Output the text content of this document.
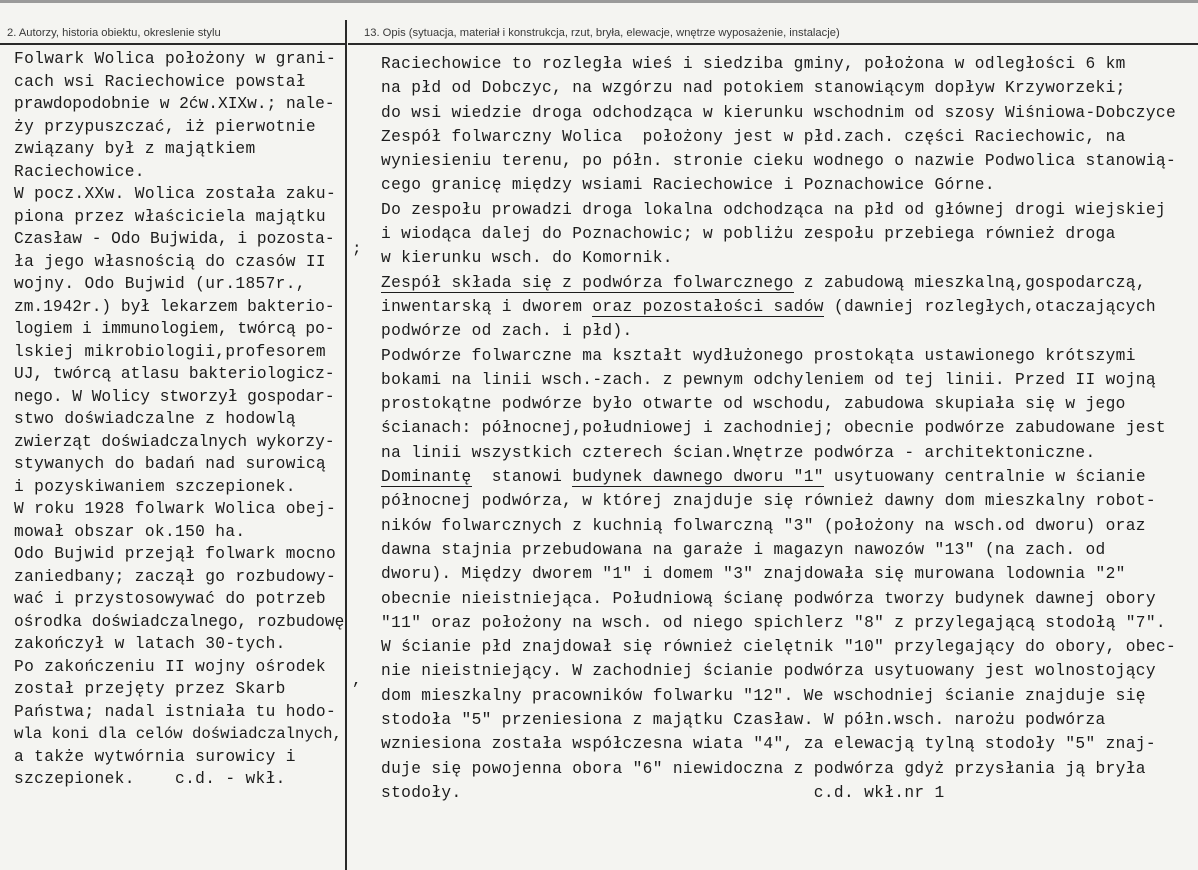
2. Autorzy, historia obiektu, okreslenie stylu	13. Opis (sytuacja, materiał i konstrukcja, rzut, bryła, elewacje, wnętrze wyposażenie, instalacje)
;
,
Folwark Wolica położony w grani-
cach wsi Raciechowice powstał
prawdopodobnie w 2ćw.XIXw.; nale-
ży przypuszczać, iż pierwotnie
związany był z majątkiem
Raciechowice.
W pocz.XXw. Wolica została zaku-
piona przez właściciela majątku
Czasław - Odo Bujwida, i pozosta-
ła jego własnością do czasów II
wojny. Odo Bujwid (ur.1857r.,
zm.1942r.) był lekarzem bakterio-
logiem i immunologiem, twórcą po-
lskiej mikrobiologii,profesorem
UJ, twórcą atlasu bakteriologicz-
nego. W Wolicy stworzył gospodar-
stwo doświadczalne z hodowlą
zwierząt doświadczalnych wykorzy-
stywanych do badań nad surowicą
i pozyskiwaniem szczepionek.
W roku 1928 folwark Wolica obej-
mował obszar ok.150 ha.
Odo Bujwid przejął folwark mocno
zaniedbany; zaczął go rozbudowy-
wać i przystosowywać do potrzeb
ośrodka doświadczalnego, rozbudowę
zakończył w latach 30-tych.
Po zakończeniu II wojny ośrodek
został przejęty przez Skarb
Państwa; nadal istniała tu hodo-
wla koni dla celów doświadczalnych,
a także wytwórnia surowicy i
szczepionek.    c.d. - wkł.
Raciechowice to rozległa wieś i siedziba gminy, położona w odległości 6 km
na płd od Dobczyc, na wzgórzu nad potokiem stanowiącym dopływ Krzyworzeki;
do wsi wiedzie droga odchodząca w kierunku wschodnim od szosy Wiśniowa-Dobczyce
Zespół folwarczny Wolica  położony jest w płd.zach. części Raciechowic, na
wyniesieniu terenu, po półn. stronie cieku wodnego o nazwie Podwolica stanowią-
cego granicę między wsiami Raciechowice i Poznachowice Górne.
Do zespołu prowadzi droga lokalna odchodząca na płd od głównej drogi wiejskiej
i wiodąca dalej do Poznachowic; w pobliżu zespołu przebiega również droga
w kierunku wsch. do Komornik.
Zespół składa się z podwórza folwarcznego z zabudową mieszkalną,gospodarczą,
inwentarską i dworem oraz pozostałości sadów (dawniej rozległych,otaczających
podwórze od zach. i płd).
Podwórze folwarczne ma kształt wydłużonego prostokąta ustawionego krótszymi
bokami na linii wsch.-zach. z pewnym odchyleniem od tej linii. Przed II wojną
prostokątne podwórze było otwarte od wschodu, zabudowa skupiała się w jego
ścianach: północnej,południowej i zachodniej; obecnie podwórze zabudowane jest
na linii wszystkich czterech ścian.Wnętrze podwórza - architektoniczne.
Dominantę  stanowi budynek dawnego dworu "1" usytuowany centralnie w ścianie
północnej podwórza, w której znajduje się również dawny dom mieszkalny robot-
ników folwarcznych z kuchnią folwarczną "3" (położony na wsch.od dworu) oraz
dawna stajnia przebudowana na garaże i magazyn nawozów "13" (na zach. od
dworu). Między dworem "1" i domem "3" znajdowała się murowana lodownia "2"
obecnie nieistniejąca. Południową ścianę podwórza tworzy budynek dawnej obory
"11" oraz położony na wsch. od niego spichlerz "8" z przylegającą stodołą "7".
W ścianie płd znajdował się również cielętnik "10" przylegający do obory, obec-
nie nieistniejący. W zachodniej ścianie podwórza usytuowany jest wolnostojący
dom mieszkalny pracowników folwarku "12". We wschodniej ścianie znajduje się
stodoła "5" przeniesiona z majątku Czasław. W półn.wsch. narożu podwórza
wzniesiona została współczesna wiata "4", za elewacją tylną stodoły "5" znaj-
duje się powojenna obora "6" niewidoczna z podwórza gdyż przysłania ją bryła
stodoły.                                   c.d. wkł.nr 1
